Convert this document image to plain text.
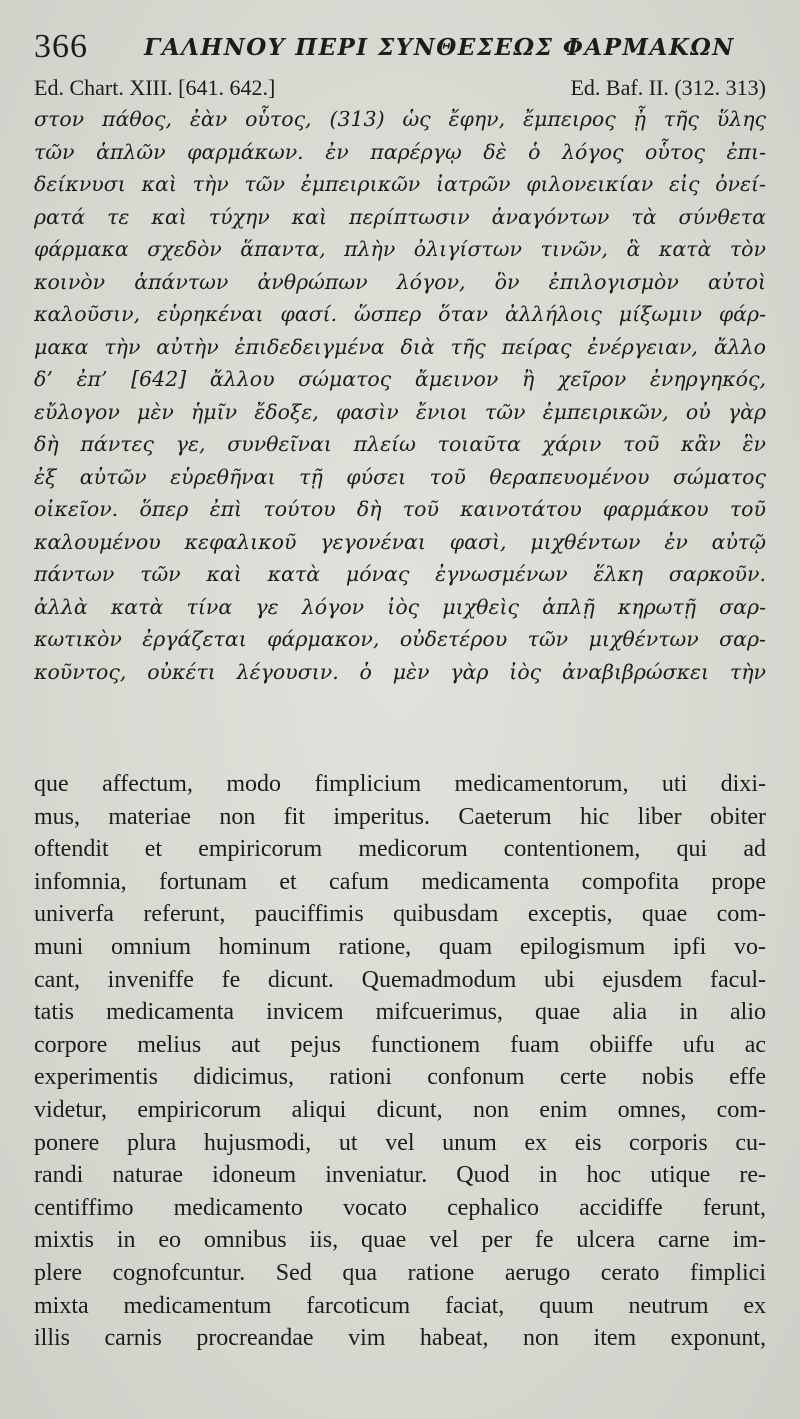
366 ΓΑΛΗΝΟΥ ΠΕΡΙ ΣΥΝΘΕΣΕΩΣ ΦΑΡΜΑΚΩΝ
Ed. Chart. XIII. [641. 642.]	Ed. Baf. II. (312. 313)
στον πάθος, ἐὰν οὗτος, (313) ὡς ἔφην, ἔμπειρος ᾖ τῆς ὕλης
τῶν ἁπλῶν φαρμάκων. ἐν παρέργῳ δὲ ὁ λόγος οὗτος ἐπι-
δείκνυσι καὶ τὴν τῶν ἐμπειρικῶν ἰατρῶν φιλονεικίαν εἰς ὀνεί-
ρατά τε καὶ τύχην καὶ περίπτωσιν ἀναγόντων τὰ σύνθετα
φάρμακα σχεδὸν ἅπαντα, πλὴν ὀλιγίστων τινῶν, ἃ κατὰ τὸν
κοινὸν ἁπάντων ἀνθρώπων λόγον, ὃν ἐπιλογισμὸν αὐτοὶ
καλοῦσιν, εὑρηκέναι φασί. ὥσπερ ὅταν ἀλλήλοις μίξωμιν φάρ-
μακα τὴν αὐτὴν ἐπιδεδειγμένα διὰ τῆς πείρας ἐνέργειαν, ἄλλο
δ’ ἐπ’ [642] ἄλλου σώματος ἄμεινον ἢ χεῖρον ἐνηργηκός,
εὔλογον μὲν ἡμῖν ἔδοξε, φασὶν ἔνιοι τῶν ἐμπειρικῶν, οὐ γὰρ
δὴ πάντες γε, συνθεῖναι πλείω τοιαῦτα χάριν τοῦ κἂν ἓν
ἐξ αὐτῶν εὑρεθῆναι τῇ φύσει τοῦ θεραπευομένου σώματος
οἰκεῖον. ὅπερ ἐπὶ τούτου δὴ τοῦ καινοτάτου φαρμάκου τοῦ
καλουμένου κεφαλικοῦ γεγονέναι φασὶ, μιχθέντων ἐν αὐτῷ
πάντων τῶν καὶ κατὰ μόνας ἐγνωσμένων ἕλκη σαρκοῦν.
ἀλλὰ κατὰ τίνα γε λόγον ἰὸς μιχθεὶς ἁπλῇ κηρωτῇ σαρ-
κωτικὸν ἐργάζεται φάρμακον, οὐδετέρου τῶν μιχθέντων σαρ-
κοῦντος, οὐκέτι λέγουσιν. ὁ μὲν γὰρ ἰὸς ἀναβιβρώσκει τὴν
que affectum, modo fimplicium medicamentorum, uti dixi-
mus, materiae non fit imperitus. Caeterum hic liber obiter
oftendit et empiricorum medicorum contentionem, qui ad
infomnia, fortunam et cafum medicamenta compofita prope
univerfa referunt, pauciffimis quibusdam exceptis, quae com-
muni omnium hominum ratione, quam epilogismum ipfi vo-
cant, inveniffe fe dicunt. Quemadmodum ubi ejusdem facul-
tatis medicamenta invicem mifcuerimus, quae alia in alio
corpore melius aut pejus functionem fuam obiiffe ufu ac
experimentis didicimus, rationi confonum certe nobis effe
videtur, empiricorum aliqui dicunt, non enim omnes, com-
ponere plura hujusmodi, ut vel unum ex eis corporis cu-
randi naturae idoneum inveniatur. Quod in hoc utique re-
centiffimo medicamento vocato cephalico accidiffe ferunt,
mixtis in eo omnibus iis, quae vel per fe ulcera carne im-
plere cognofcuntur. Sed qua ratione aerugo cerato fimplici
mixta medicamentum farcoticum faciat, quum neutrum ex
illis carnis procreandae vim habeat, non item exponunt,
